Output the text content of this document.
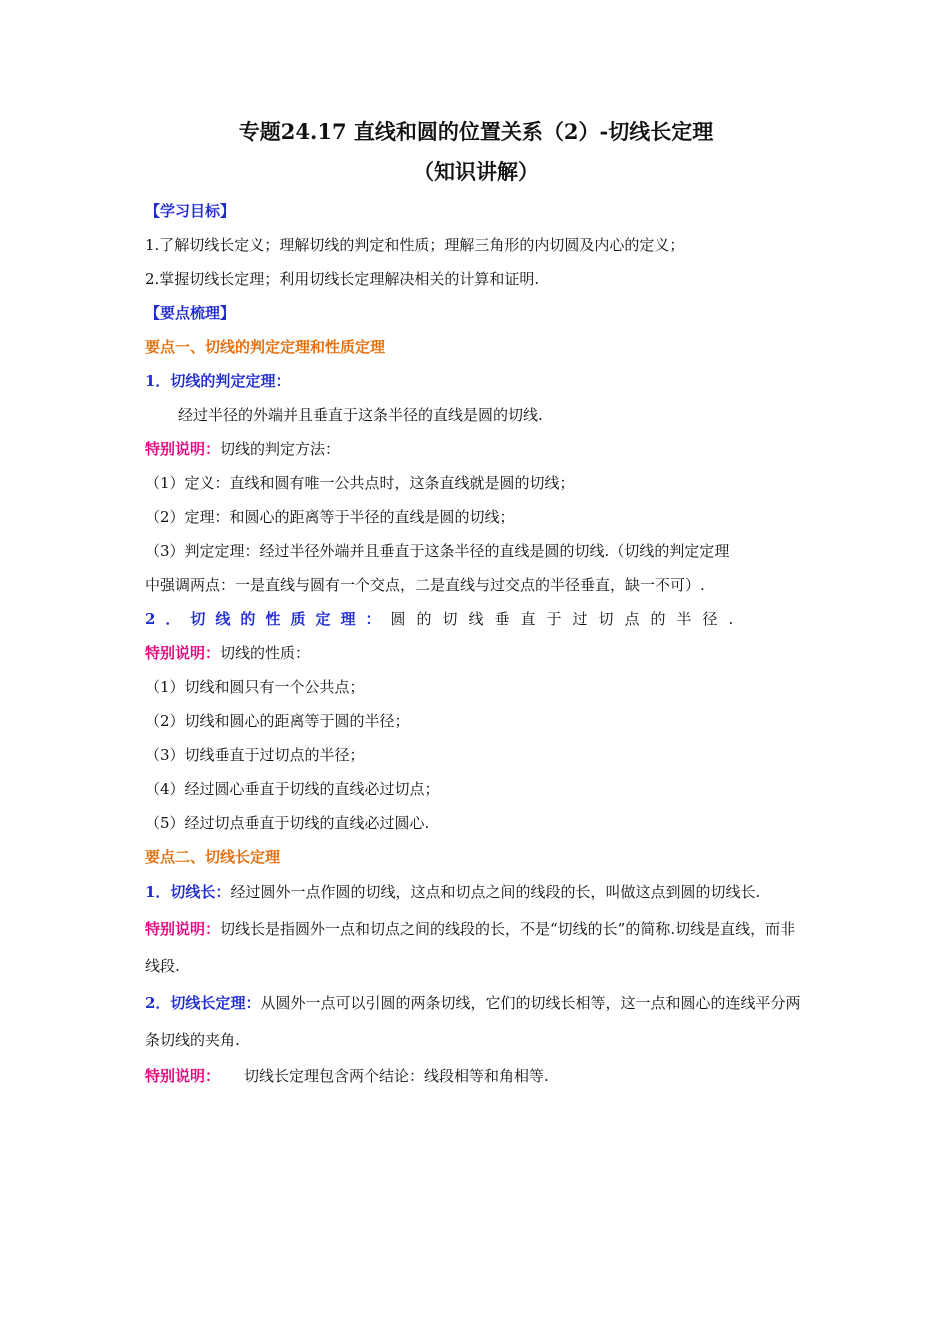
专题24.17 直线和圆的位置关系（2）-切线长定理
（知识讲解）
【学习目标】
1.了解切线长定义；理解切线的判定和性质；理解三角形的内切圆及内心的定义；
2.掌握切线长定理；利用切线长定理解决相关的计算和证明.
【要点梳理】
要点一、切线的判定定理和性质定理
1．切线的判定定理：
经过半径的外端并且垂直于这条半径的直线是圆的切线.
特别说明：切线的判定方法：
（1）定义：直线和圆有唯一公共点时，这条直线就是圆的切线；
（2）定理：和圆心的距离等于半径的直线是圆的切线；
（3）判定定理：经过半径外端并且垂直于这条半径的直线是圆的切线.（切线的判定定理
中强调两点：一是直线与圆有一个交点，二是直线与过交点的半径垂直，缺一不可）.
2．切线的性质定理：圆的切线垂直于过切点的半径.
特别说明：切线的性质：
（1）切线和圆只有一个公共点；
（2）切线和圆心的距离等于圆的半径；
（3）切线垂直于过切点的半径；
（4）经过圆心垂直于切线的直线必过切点；
（5）经过切点垂直于切线的直线必过圆心.
要点二、切线长定理
1．切线长：经过圆外一点作圆的切线，这点和切点之间的线段的长，叫做这点到圆的切线长.
特别说明：切线长是指圆外一点和切点之间的线段的长，不是“切线的长”的简称.切线是直线，而非线段.
2．切线长定理：从圆外一点可以引圆的两条切线，它们的切线长相等，这一点和圆心的连线平分两条切线的夹角.
特别说明： 切线长定理包含两个结论：线段相等和角相等.
